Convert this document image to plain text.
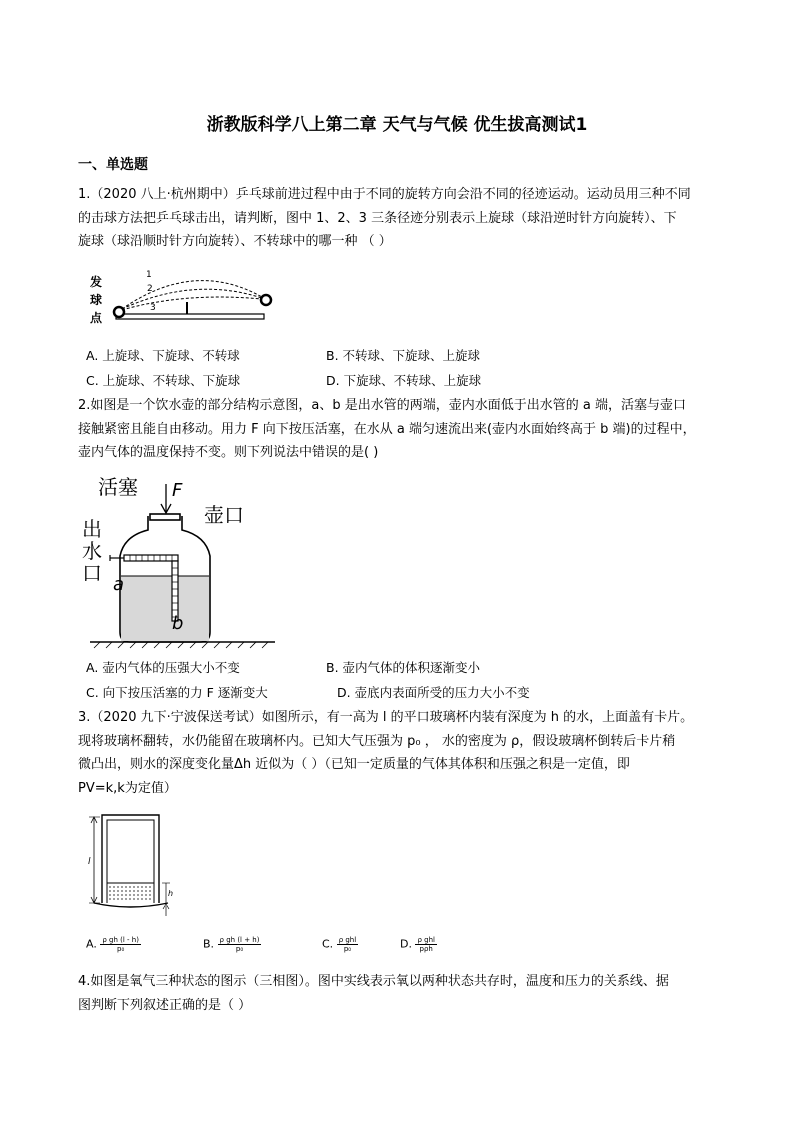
浙教版科学八上第二章 天气与气候 优生拔高测试1
一、单选题
1.（2020 八上·杭州期中）乒乓球前进过程中由于不同的旋转方向会沿不同的径迹运动。运动员用三种不同
的击球方法把乒乓球击出，请判断，图中 1、2、3 三条径迹分别表示上旋球（球沿逆时针方向旋转）、下
旋球（球沿顺时针方向旋转）、不转球中的哪一种 （ ）
发
球
点
1
2
3
A. 上旋球、下旋球、不转球	B. 不转球、下旋球、上旋球
C. 上旋球、不转球、下旋球	D. 下旋球、不转球、上旋球
2.如图是一个饮水壶的部分结构示意图，a、b 是出水管的两端，壶内水面低于出水管的 a 端，活塞与壶口
接触紧密且能自由移动。用力 F 向下按压活塞，在水从 a 端匀速流出来(壶内水面始终高于 b 端)的过程中，
壶内气体的温度保持不变。则下列说法中错误的是( )
活塞 F
壶口
出
水
口 a
b
A. 壶内气体的压强大小不变	B. 壶内气体的体积逐渐变小
C. 向下按压活塞的力 F 逐渐变大	D. 壶底内表面所受的压力大小不变
3.（2020 九下·宁波保送考试）如图所示，有一高为 l 的平口玻璃杯内装有深度为 h 的水，上面盖有卡片。
现将玻璃杯翻转，水仍能留在玻璃杯内。已知大气压强为 p₀ ， 水的密度为 ρ，假设玻璃杯倒转后卡片稍
微凸出，则水的深度变化量Δh 近似为（ ）（已知一定质量的气体其体积和压强之积是一定值，即
PV=k,k为定值）
l
h
A. $\frac{\text{ρ gh (l - h)}}{\text{p₀}}$	B. $\frac{\text{ρ gh (l + h)}}{\text{p₀}}$	C. $\frac{\text{ρ ghl}}{\text{p₀}}$	D. $\frac{\text{ρ ghl}}{\text{pρh}}$
4.如图是氧气三种状态的图示（三相图）。图中实线表示氧以两种状态共存时，温度和压力的关系线、据
图判断下列叙述正确的是（ ）
